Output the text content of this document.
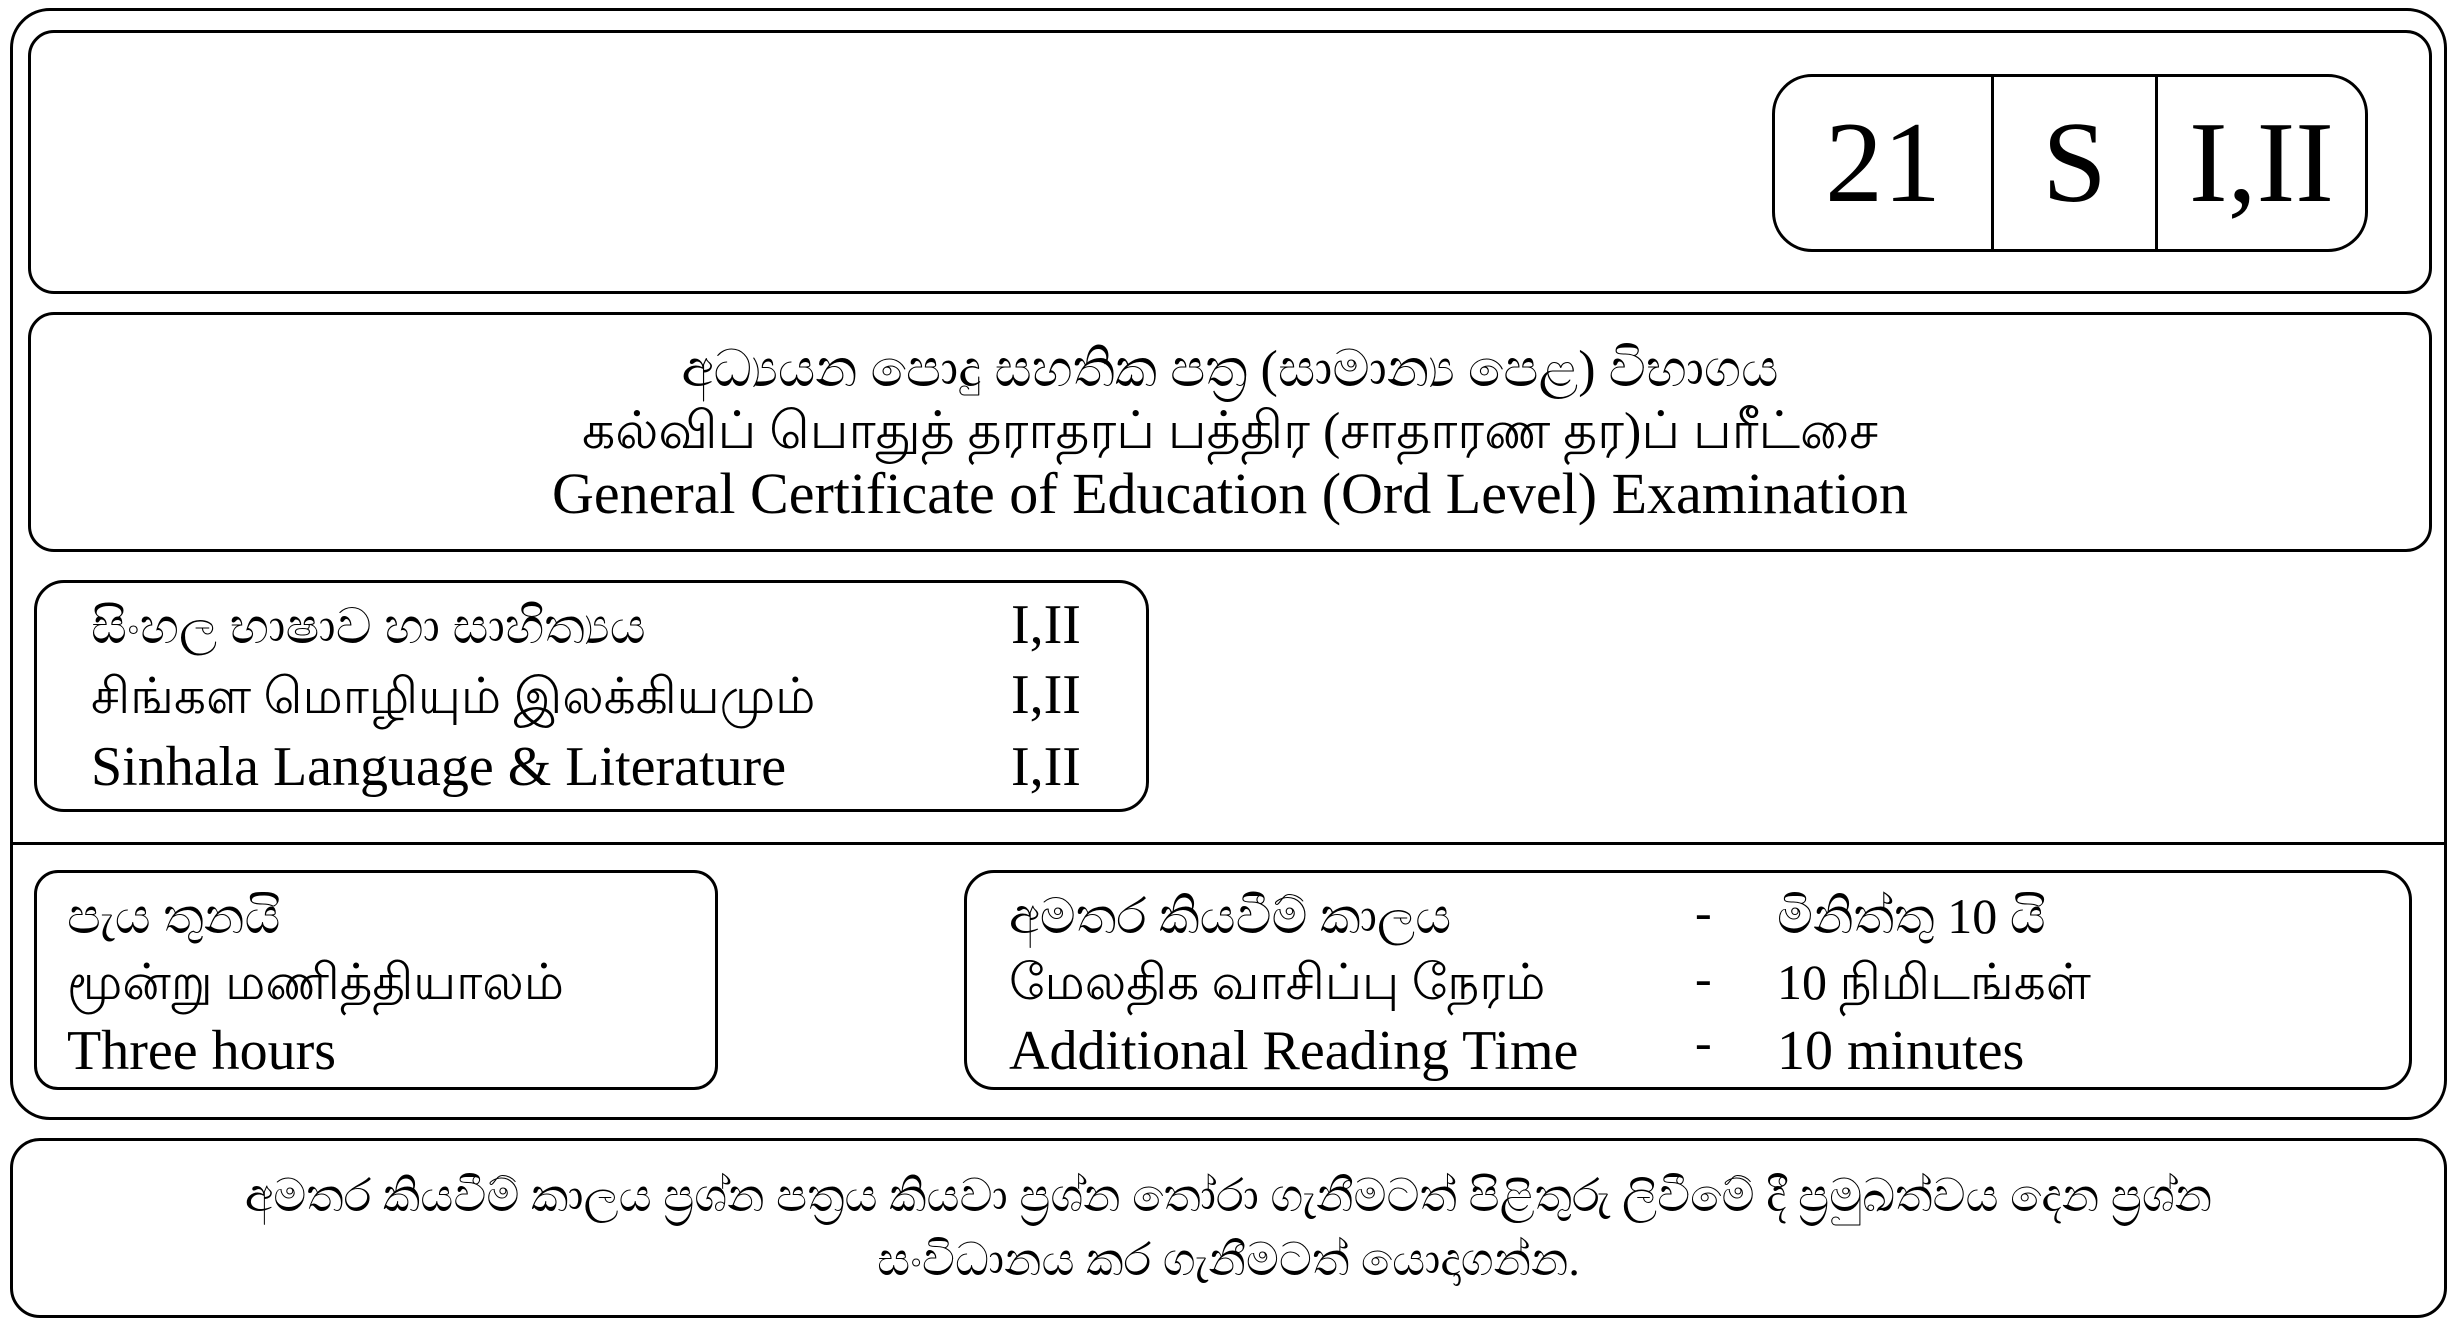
21 S I,II
අධ්‍යයන පොදු සහතික පත්‍ර (සාමාන්‍ය පෙළ) විභාගය
கல்விப் பொதுத் தராதரப் பத்திர (சாதாரண தர)ப் பரீட்சை
General Certificate of Education (Ord Level) Examination
සිංහල භාෂාව හා සාහිත්‍යය	I,II
சிங்கள மொழியும் இலக்கியமும்	I,II
Sinhala Language & Literature	I,II
පැය තුනයි
மூன்று மணித்தியாலம்
Three hours
අමතර කියවීම් කාලය	- මිනිත්තු 10 යි
மேலதிக வாசிப்பு நேரம்	- 10 நிமிடங்கள்
Additional Reading Time - 10 minutes
අමතර කියවීම් කාලය ප්‍රශ්න පත්‍රය කියවා ප්‍රශ්න තෝරා ගැනීමටත් පිළිතුරු ලිවීමේ දී ප්‍රමුඛත්වය දෙන ප්‍රශ්න
සංවිධානය කර ගැනීමටත් යොදාගන්න.
